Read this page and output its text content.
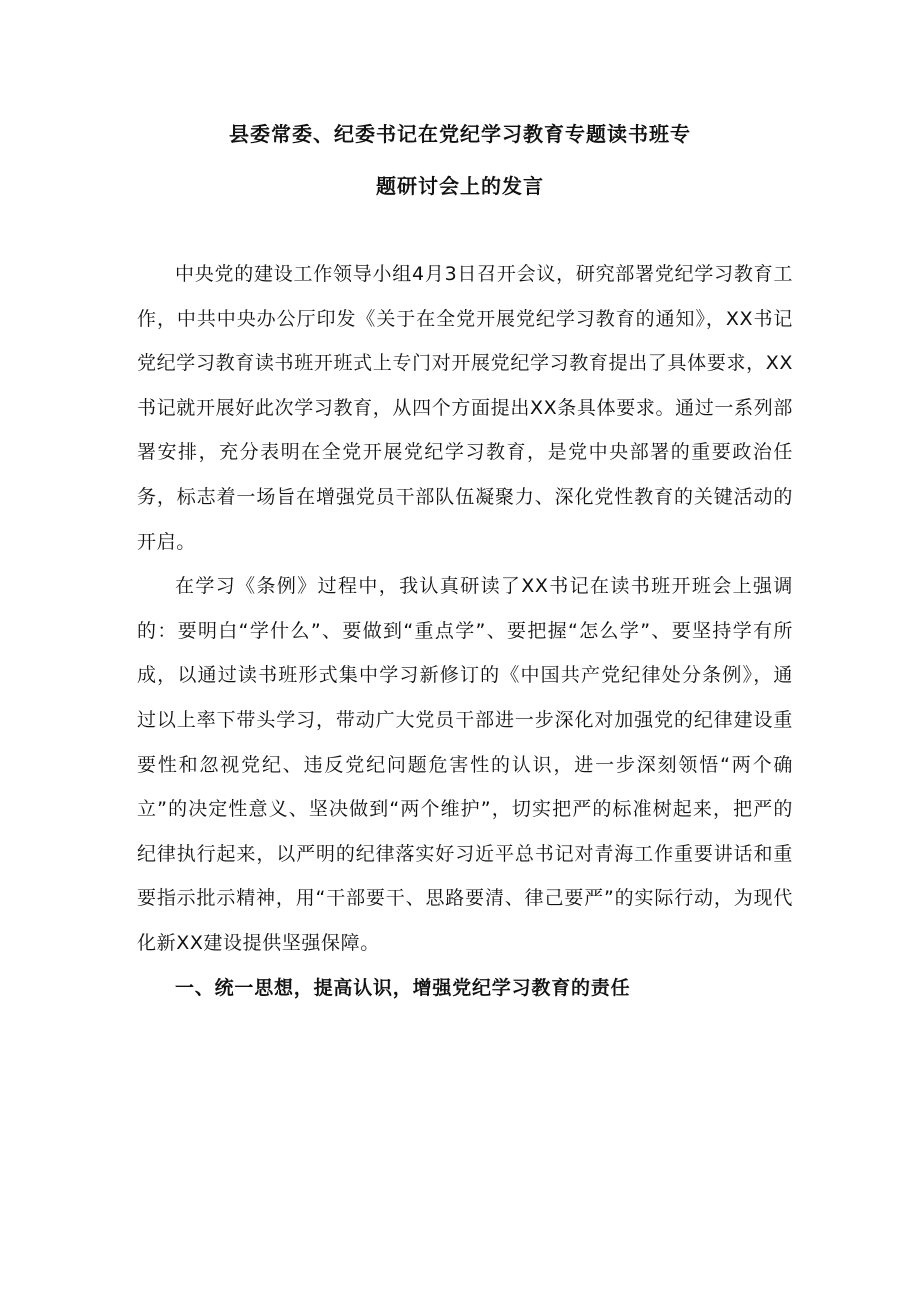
县委常委、纪委书记在党纪学习教育专题读书班专
题研讨会上的发言

中央党的建设工作领导小组4月3日召开会议，研究部署党纪学习教育工作，中共中央办公厅印发《关于在全党开展党纪学习教育的通知》，XX书记党纪学习教育读书班开班式上专门对开展党纪学习教育提出了具体要求，XX书记就开展好此次学习教育，从四个方面提出XX条具体要求。通过一系列部署安排，充分表明在全党开展党纪学习教育，是党中央部署的重要政治任务，标志着一场旨在增强党员干部队伍凝聚力、深化党性教育的关键活动的开启。

在学习《条例》过程中，我认真研读了XX书记在读书班开班会上强调的：要明白“学什么”、要做到“重点学”、要把握“怎么学”、要坚持学有所成，以通过读书班形式集中学习新修订的《中国共产党纪律处分条例》，通过以上率下带头学习，带动广大党员干部进一步深化对加强党的纪律建设重要性和忽视党纪、违反党纪问题危害性的认识，进一步深刻领悟“两个确立”的决定性意义、坚决做到“两个维护”，切实把严的标准树起来，把严的纪律执行起来，以严明的纪律落实好习近平总书记对青海工作重要讲话和重要指示批示精神，用“干部要干、思路要清、律己要严”的实际行动，为现代化新XX建设提供坚强保障。

一、统一思想，提高认识，增强党纪学习教育的责任
